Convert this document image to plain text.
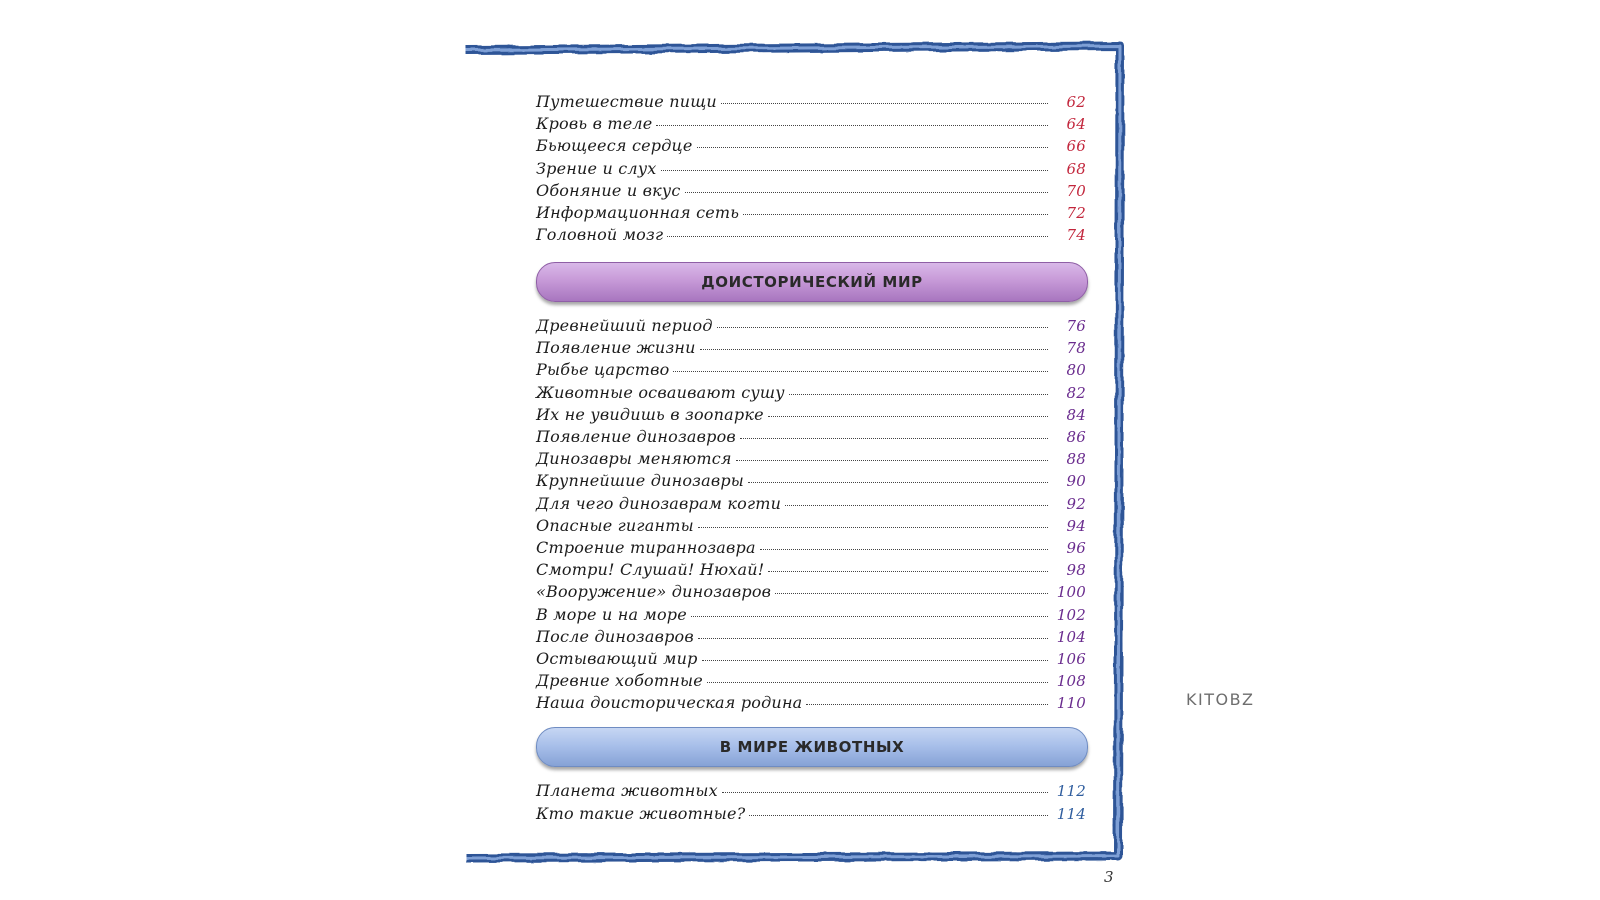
Путешествие пищи	62
Кровь в теле	64
Бьющееся сердце	66
Зрение и слух	68
Обоняние и вкус	70
Информационная сеть	72
Головной мозг	74
ДОИСТОРИЧЕСКИЙ МИР
Древнейший период	76
Появление жизни	78
Рыбье царство	80
Животные осваивают сушу	82
Их не увидишь в зоопарке	84
Появление динозавров	86
Динозавры меняются	88
Крупнейшие динозавры	90
Для чего динозаврам когти	92
Опасные гиганты	94
Строение тираннозавра	96
Смотри! Слушай! Нюхай!	98
«Вооружение» динозавров	100
В море и на море	102
После динозавров	104
Остывающий мир	106
Древние хоботные	108
Наша доисторическая родина	110
В МИРЕ ЖИВОТНЫХ
Планета животных	112
Кто такие животные?	114
3
KITOBZ
